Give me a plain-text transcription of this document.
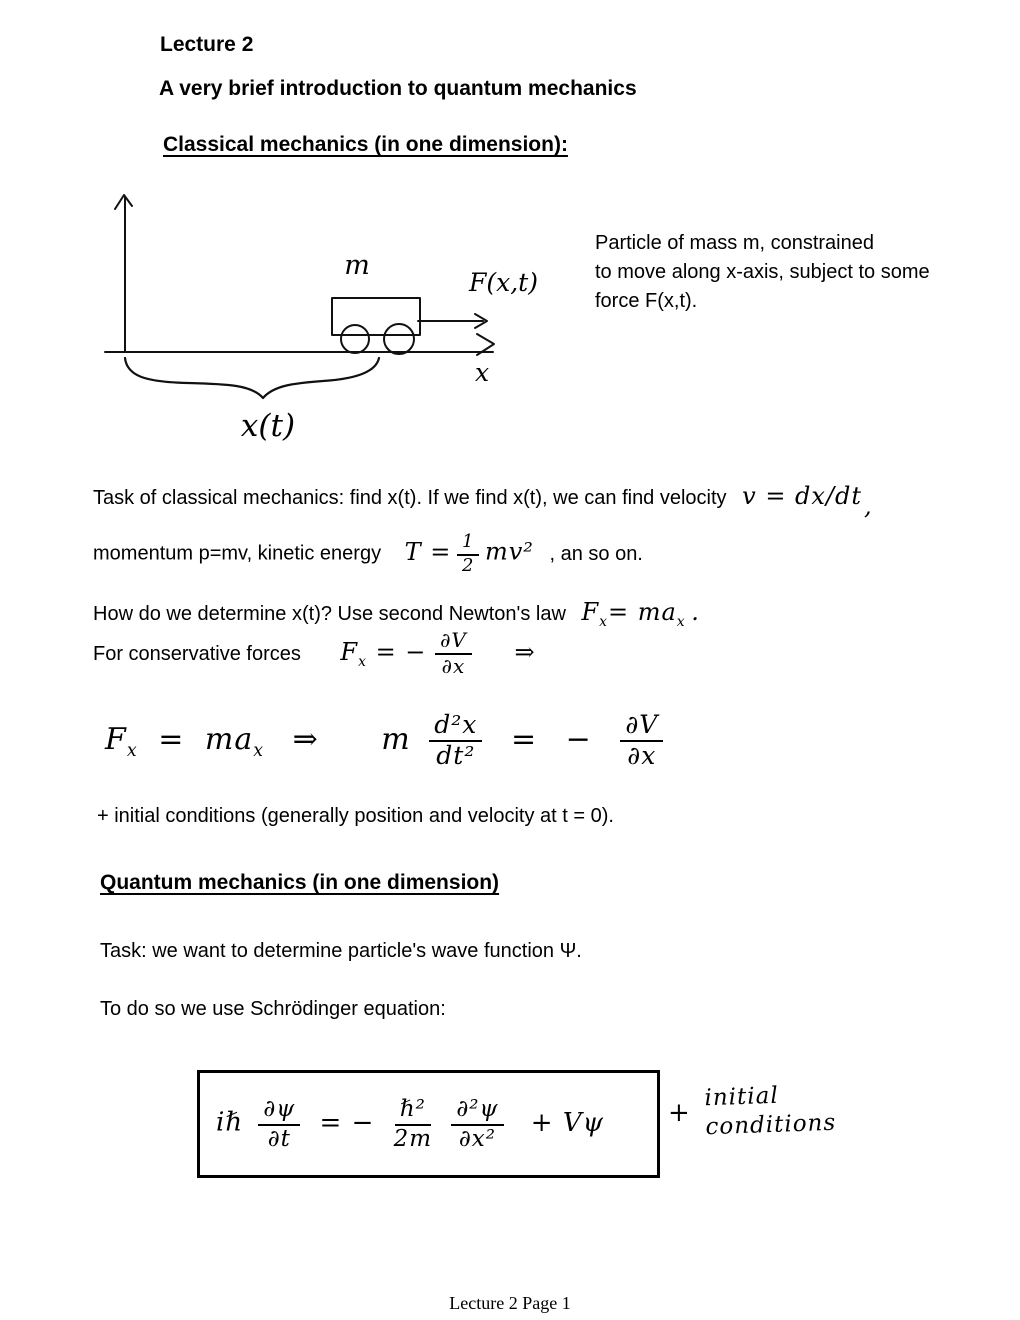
Lecture 2
A very brief introduction to quantum mechanics
Classical mechanics (in one dimension):
m
F(x,t)
x
x(t)
Particle of mass m, constrained
to move along x-axis, subject to some
force F(x,t).
Task of classical mechanics: find x(t). If we find x(t), we can find velocity v = dx/dt,
momentum p=mv, kinetic energy $T = \frac{1}{2} mv^2$ , an so on.
How do we determine x(t)? Use second Newton's law $F_x= ma_x$ .
For conservative forces $F_x$ = − $\frac{\partial V}{\partial x}$ ⇒
$F_x = ma_x$ ⇒ m $\frac{\text{d²x}}{\text{dt²}}$ = − $\frac{\partial V}{\partial x}$
+ initial conditions (generally position and velocity at t = 0).
Quantum mechanics (in one dimension)
Task: we want to determine particle's wave function Ψ.
To do so we use Schrödinger equation:
iℏ $\frac{\partial\psi}{\partial t}$ = − $\frac{\text{ℏ²}}{2m}$
$\frac{\text{∂²ψ}}{\text{∂x²}} + V\psi$ +
initial
conditions
Lecture 2 Page 1
